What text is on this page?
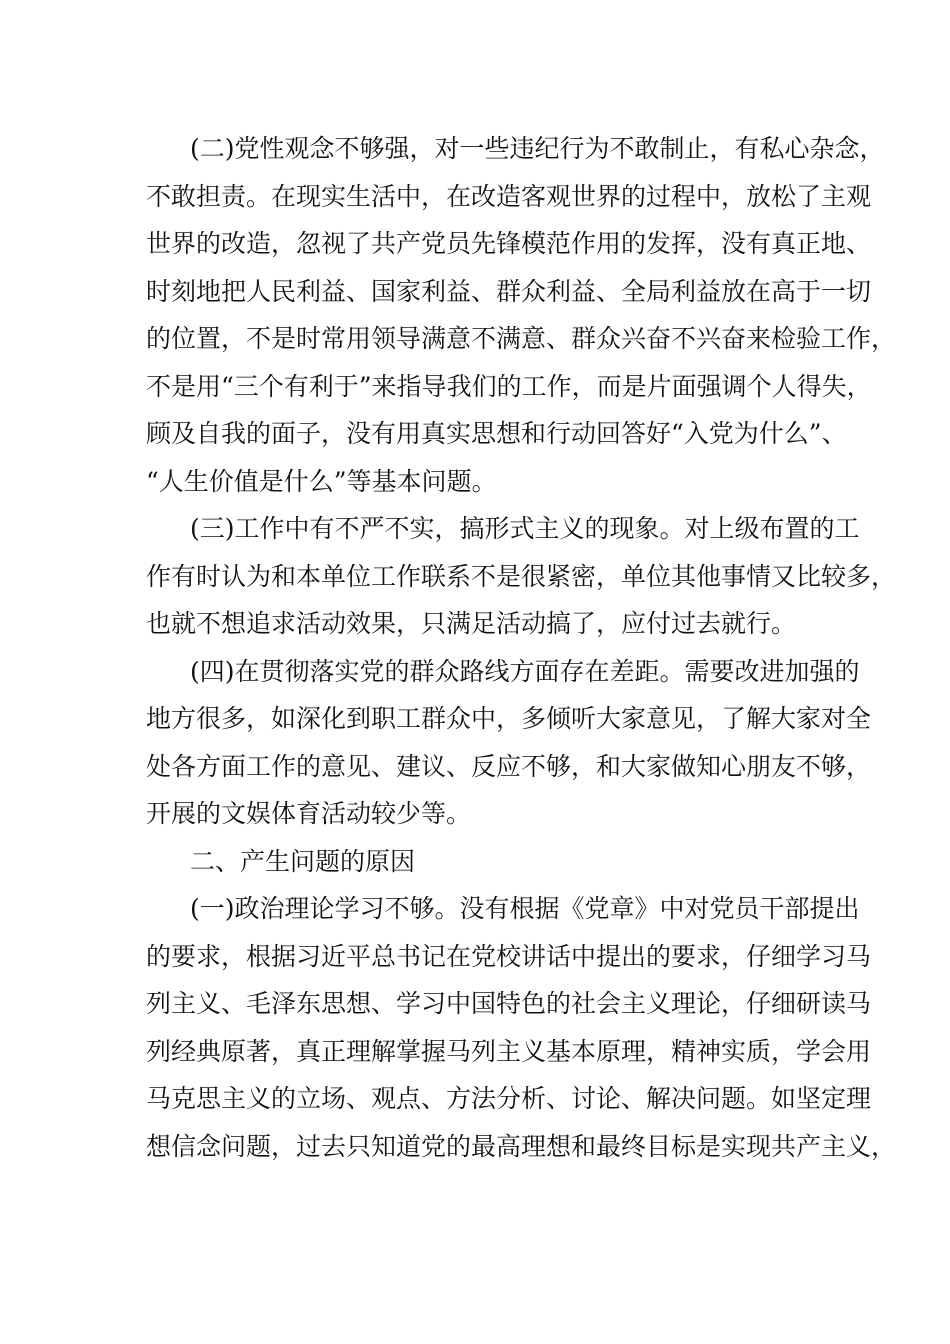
(二)党性观念不够强，对一些违纪行为不敢制止，有私心杂念，
不敢担责。在现实生活中，在改造客观世界的过程中，放松了主观
世界的改造，忽视了共产党员先锋模范作用的发挥，没有真正地、
时刻地把人民利益、国家利益、群众利益、全局利益放在高于一切
的位置，不是时常用领导满意不满意、群众兴奋不兴奋来检验工作，
不是用“三个有利于”来指导我们的工作，而是片面强调个人得失，
顾及自我的面子，没有用真实思想和行动回答好“入党为什么”、
“人生价值是什么”等基本问题。
(三)工作中有不严不实，搞形式主义的现象。对上级布置的工
作有时认为和本单位工作联系不是很紧密，单位其他事情又比较多，
也就不想追求活动效果，只满足活动搞了，应付过去就行。
(四)在贯彻落实党的群众路线方面存在差距。需要改进加强的
地方很多，如深化到职工群众中，多倾听大家意见，了解大家对全
处各方面工作的意见、建议、反应不够，和大家做知心朋友不够，
开展的文娱体育活动较少等。
二、产生问题的原因
(一)政治理论学习不够。没有根据《党章》中对党员干部提出
的要求，根据习近平总书记在党校讲话中提出的要求，仔细学习马
列主义、毛泽东思想、学习中国特色的社会主义理论，仔细研读马
列经典原著，真正理解掌握马列主义基本原理，精神实质，学会用
马克思主义的立场、观点、方法分析、讨论、解决问题。如坚定理
想信念问题，过去只知道党的最高理想和最终目标是实现共产主义，
